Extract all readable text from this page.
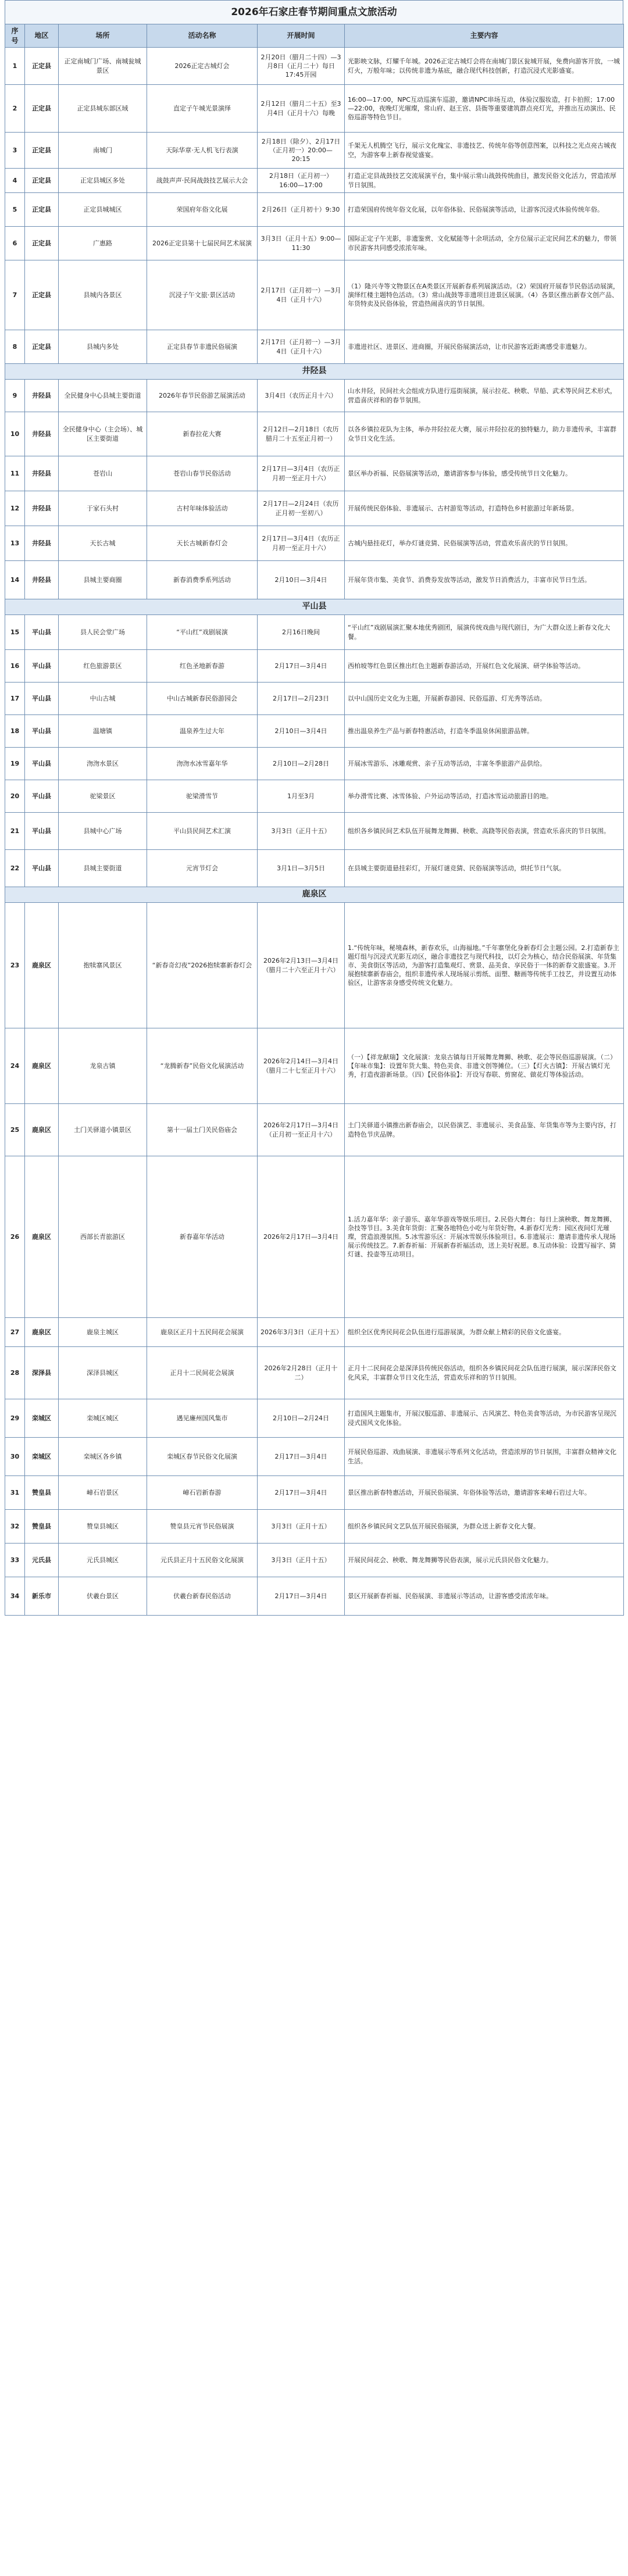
2026年石家庄春节期间重点文旅活动
序号	地区	场所	活动名称	开展时间	主要内容
1	正定县	正定南城门广场、南城瓮城景区	2026正定古城灯会	2月20日（腊月二十四）—3月8日（正月二十）每日17:45开园	光影映文脉，灯耀千年城。2026正定古城灯会将在南城门景区瓮城开展，免费向游客开放，一城灯火，万般年味；以传统非遗为基底，融合现代科技创新，打造沉浸式光影盛宴。
2	正定县	正定县城东部区域	直定子午城光景演绎	2月12日（腊月二十五）至3月4日（正月十六）每晚	16:00—17:00，NPC互动巡演车巡游，邀请NPC串场互动，体验汉服妆造，打卡拍照；17:00—22:00，夜晚灯光璀璨，常山府、赵王宫、县衙等重要建筑群点亮灯光，并推出互动演出、民俗巡游等特色节目。
3	正定县	南城门	天际华章·无人机飞行表演	2月18日（除夕）、2月17日（正月初一）20:00—20:15	千架无人机腾空飞行，展示文化瑰宝、非遗技艺、传统年俗等创意图案，以科技之光点亮古城夜空，为游客奉上新春视觉盛宴。
4	正定县	正定县城区多处	战鼓声声·民间战鼓技艺展示大会	2月18日（正月初一）16:00—17:00	打造正定县战鼓技艺交流展演平台，集中展示常山战鼓传统曲目，激发民俗文化活力，营造浓厚节日氛围。
5	正定县	正定县城城区	荣国府年俗文化展	2月26日（正月初十）9:30	打造荣国府传统年俗文化展，以年俗体验、民俗展演等活动，让游客沉浸式体验传统年俗。
6	正定县	广惠路	2026正定县第十七届民间艺术展演	3月3日（正月十五）9:00—11:30	国际正定子午光影，非遗鉴赏、文化赋能等十余项活动，全方位展示正定民间艺术的魅力，带领市民游客共同感受浓浓年味。
7	正定县	县城内各景区	沉浸子午文旅·景区活动	2月17日（正月初一）—3月4日（正月十六）	（1）隆兴寺等文物景区在A类景区开展新春系列展演活动。（2）荣国府开展春节民俗活动展演，演绎红楼主题特色活动。（3）常山战鼓等非遗项目进景区展演。（4）各景区推出新春文创产品、年货特卖及民俗体验，营造热闹喜庆的节日氛围。
8	正定县	县城内多处	正定县春节非遗民俗展演	2月17日（正月初一）—3月4日（正月十六）	非遗进社区、进景区、进商圈，开展民俗展演活动，让市民游客近距离感受非遗魅力。
井陉县					
9	井陉县	全民健身中心县城主要街道	2026年春节民俗游艺展演活动	3月4日（农历正月十六）	山水井陉，民间社火会组成方队进行巡街展演，展示拉花、秧歌、旱船、武术等民间艺术形式，营造喜庆祥和的春节氛围。
10	井陉县	全民健身中心（主会场）、城区主要街道	新春拉花大赛	2月12日—2月18日（农历腊月二十五至正月初一）	以各乡镇拉花队为主体，举办井陉拉花大赛，展示井陉拉花的独特魅力，助力非遗传承，丰富群众节日文化生活。
11	井陉县	苍岩山	苍岩山春节民俗活动	2月17日—3月4日（农历正月初一至正月十六）	景区举办祈福、民俗展演等活动，邀请游客参与体验，感受传统节日文化魅力。
12	井陉县	于家石头村	古村年味体验活动	2月17日—2月24日（农历正月初一至初八）	开展传统民俗体验、非遗展示、古村游览等活动，打造特色乡村旅游过年新场景。
13	井陉县	天长古城	天长古城新春灯会	2月17日—3月4日（农历正月初一至正月十六）	古城内悬挂花灯，举办灯谜竞猜、民俗展演等活动，营造欢乐喜庆的节日氛围。
14	井陉县	县城主要商圈	新春消费季系列活动	2月10日—3月4日	开展年货市集、美食节、消费券发放等活动，激发节日消费活力，丰富市民节日生活。
平山县					
15	平山县	县人民会堂广场	“平山红”戏剧展演	2月16日晚间	“平山红”戏剧展演汇聚本地优秀剧团，展演传统戏曲与现代剧目，为广大群众送上新春文化大餐。
16	平山县	红色旅游景区	红色圣地新春游	2月17日—3月4日	西柏坡等红色景区推出红色主题新春游活动，开展红色文化展演、研学体验等活动。
17	平山县	中山古城	中山古城新春民俗游园会	2月17日—2月23日	以中山国历史文化为主题，开展新春游园、民俗巡游、灯光秀等活动。
18	平山县	温塘镇	温泉养生过大年	2月10日—3月4日	推出温泉养生产品与新春特惠活动，打造冬季温泉休闲旅游品牌。
19	平山县	沕沕水景区	沕沕水冰雪嘉年华	2月10日—2月28日	开展冰雪游乐、冰雕观赏、亲子互动等活动，丰富冬季旅游产品供给。
20	平山县	驼梁景区	驼梁滑雪节	1月至3月	举办滑雪比赛、冰雪体验、户外运动等活动，打造冰雪运动旅游目的地。
21	平山县	县城中心广场	平山县民间艺术汇演	3月3日（正月十五）	组织各乡镇民间艺术队伍开展舞龙舞狮、秧歌、高跷等民俗表演，营造欢乐喜庆的节日氛围。
22	平山县	县城主要街道	元宵节灯会	3月1日—3月5日	在县城主要街道悬挂彩灯，开展灯谜竞猜、民俗展演等活动，烘托节日气氛。
鹿泉区					
23	鹿泉区	抱犊寨风景区	“新春奇幻夜”2026抱犊寨新春灯会	2026年2月13日—3月4日（腊月二十六至正月十六）	1.“传统年味，秘境森林，新春欢乐，山海福地。”千年寨堡化身新春灯会主题公园。2.打造新春主题灯组与沉浸式光影互动区，融合非遗技艺与现代科技，以灯会为核心，结合民俗展演、年货集市、美食街区等活动，为游客打造集观灯、赏景、品美食、享民俗于一体的新春文旅盛宴。3.开展抱犊寨新春庙会，组织非遗传承人现场展示剪纸、面塑、糖画等传统手工技艺，并设置互动体验区，让游客亲身感受传统文化魅力。
24	鹿泉区	龙泉古镇	“龙腾新春”民俗文化展演活动	2026年2月14日—3月4日（腊月二十七至正月十六）	（一）【祥龙献瑞】文化展演：龙泉古镇每日开展舞龙舞狮、秧歌、花会等民俗巡游展演。（二）【年味市集】：设置年货大集、特色美食、非遗文创等摊位。（三）【灯火古镇】：开展古镇灯光秀，打造夜游新场景。（四）【民俗体验】：开设写春联、剪窗花、做花灯等体验活动。
25	鹿泉区	土门关驿道小镇景区	第十一届土门关民俗庙会	2026年2月17日—3月4日（正月初一至正月十六）	土门关驿道小镇推出新春庙会，以民俗演艺、非遗展示、美食品鉴、年货集市等为主要内容，打造特色节庆品牌。
26	鹿泉区	西部长青旅游区	新春嘉年华活动	2026年2月17日—3月4日	1.活力嘉年华：亲子游乐、嘉年华游戏等娱乐项目。2.民俗大舞台：每日上演秧歌、舞龙舞狮、杂技等节目。3.美食年货街：汇聚各地特色小吃与年货好物。4.新春灯光秀：园区夜间灯光璀璨，营造浪漫氛围。5.冰雪游乐区：开展冰雪娱乐体验项目。6.非遗展示：邀请非遗传承人现场展示传统技艺。7.新春祈福：开展新春祈福活动，送上美好祝愿。8.互动体验：设置写福字、猜灯谜、投壶等互动项目。
27	鹿泉区	鹿泉主城区	鹿泉区正月十五民间花会展演	2026年3月3日（正月十五）	组织全区优秀民间花会队伍进行巡游展演，为群众献上精彩的民俗文化盛宴。
28	深泽县	深泽县城区	正月十二民间花会展演	2026年2月28日（正月十二）	正月十二民间花会是深泽县传统民俗活动，组织各乡镇民间花会队伍进行展演，展示深泽民俗文化风采，丰富群众节日文化生活，营造欢乐祥和的节日氛围。
29	栾城区	栾城区城区	遇见廉州国风集市	2月10日—2月24日	打造国风主题集市，开展汉服巡游、非遗展示、古风演艺、特色美食等活动，为市民游客呈现沉浸式国风文化体验。
30	栾城区	栾城区各乡镇	栾城区春节民俗文化展演	2月17日—3月4日	开展民俗巡游、戏曲展演、非遗展示等系列文化活动，营造浓厚的节日氛围，丰富群众精神文化生活。
31	赞皇县	嶂石岩景区	嶂石岩新春游	2月17日—3月4日	景区推出新春特惠活动，开展民俗展演、年俗体验等活动，邀请游客来嶂石岩过大年。
32	赞皇县	赞皇县城区	赞皇县元宵节民俗展演	3月3日（正月十五）	组织各乡镇民间文艺队伍开展民俗展演，为群众送上新春文化大餐。
33	元氏县	元氏县城区	元氏县正月十五民俗文化展演	3月3日（正月十五）	开展民间花会、秧歌、舞龙舞狮等民俗表演，展示元氏县民俗文化魅力。
34	新乐市	伏羲台景区	伏羲台新春民俗活动	2月17日—3月4日	景区开展新春祈福、民俗展演、非遗展示等活动，让游客感受浓浓年味。
